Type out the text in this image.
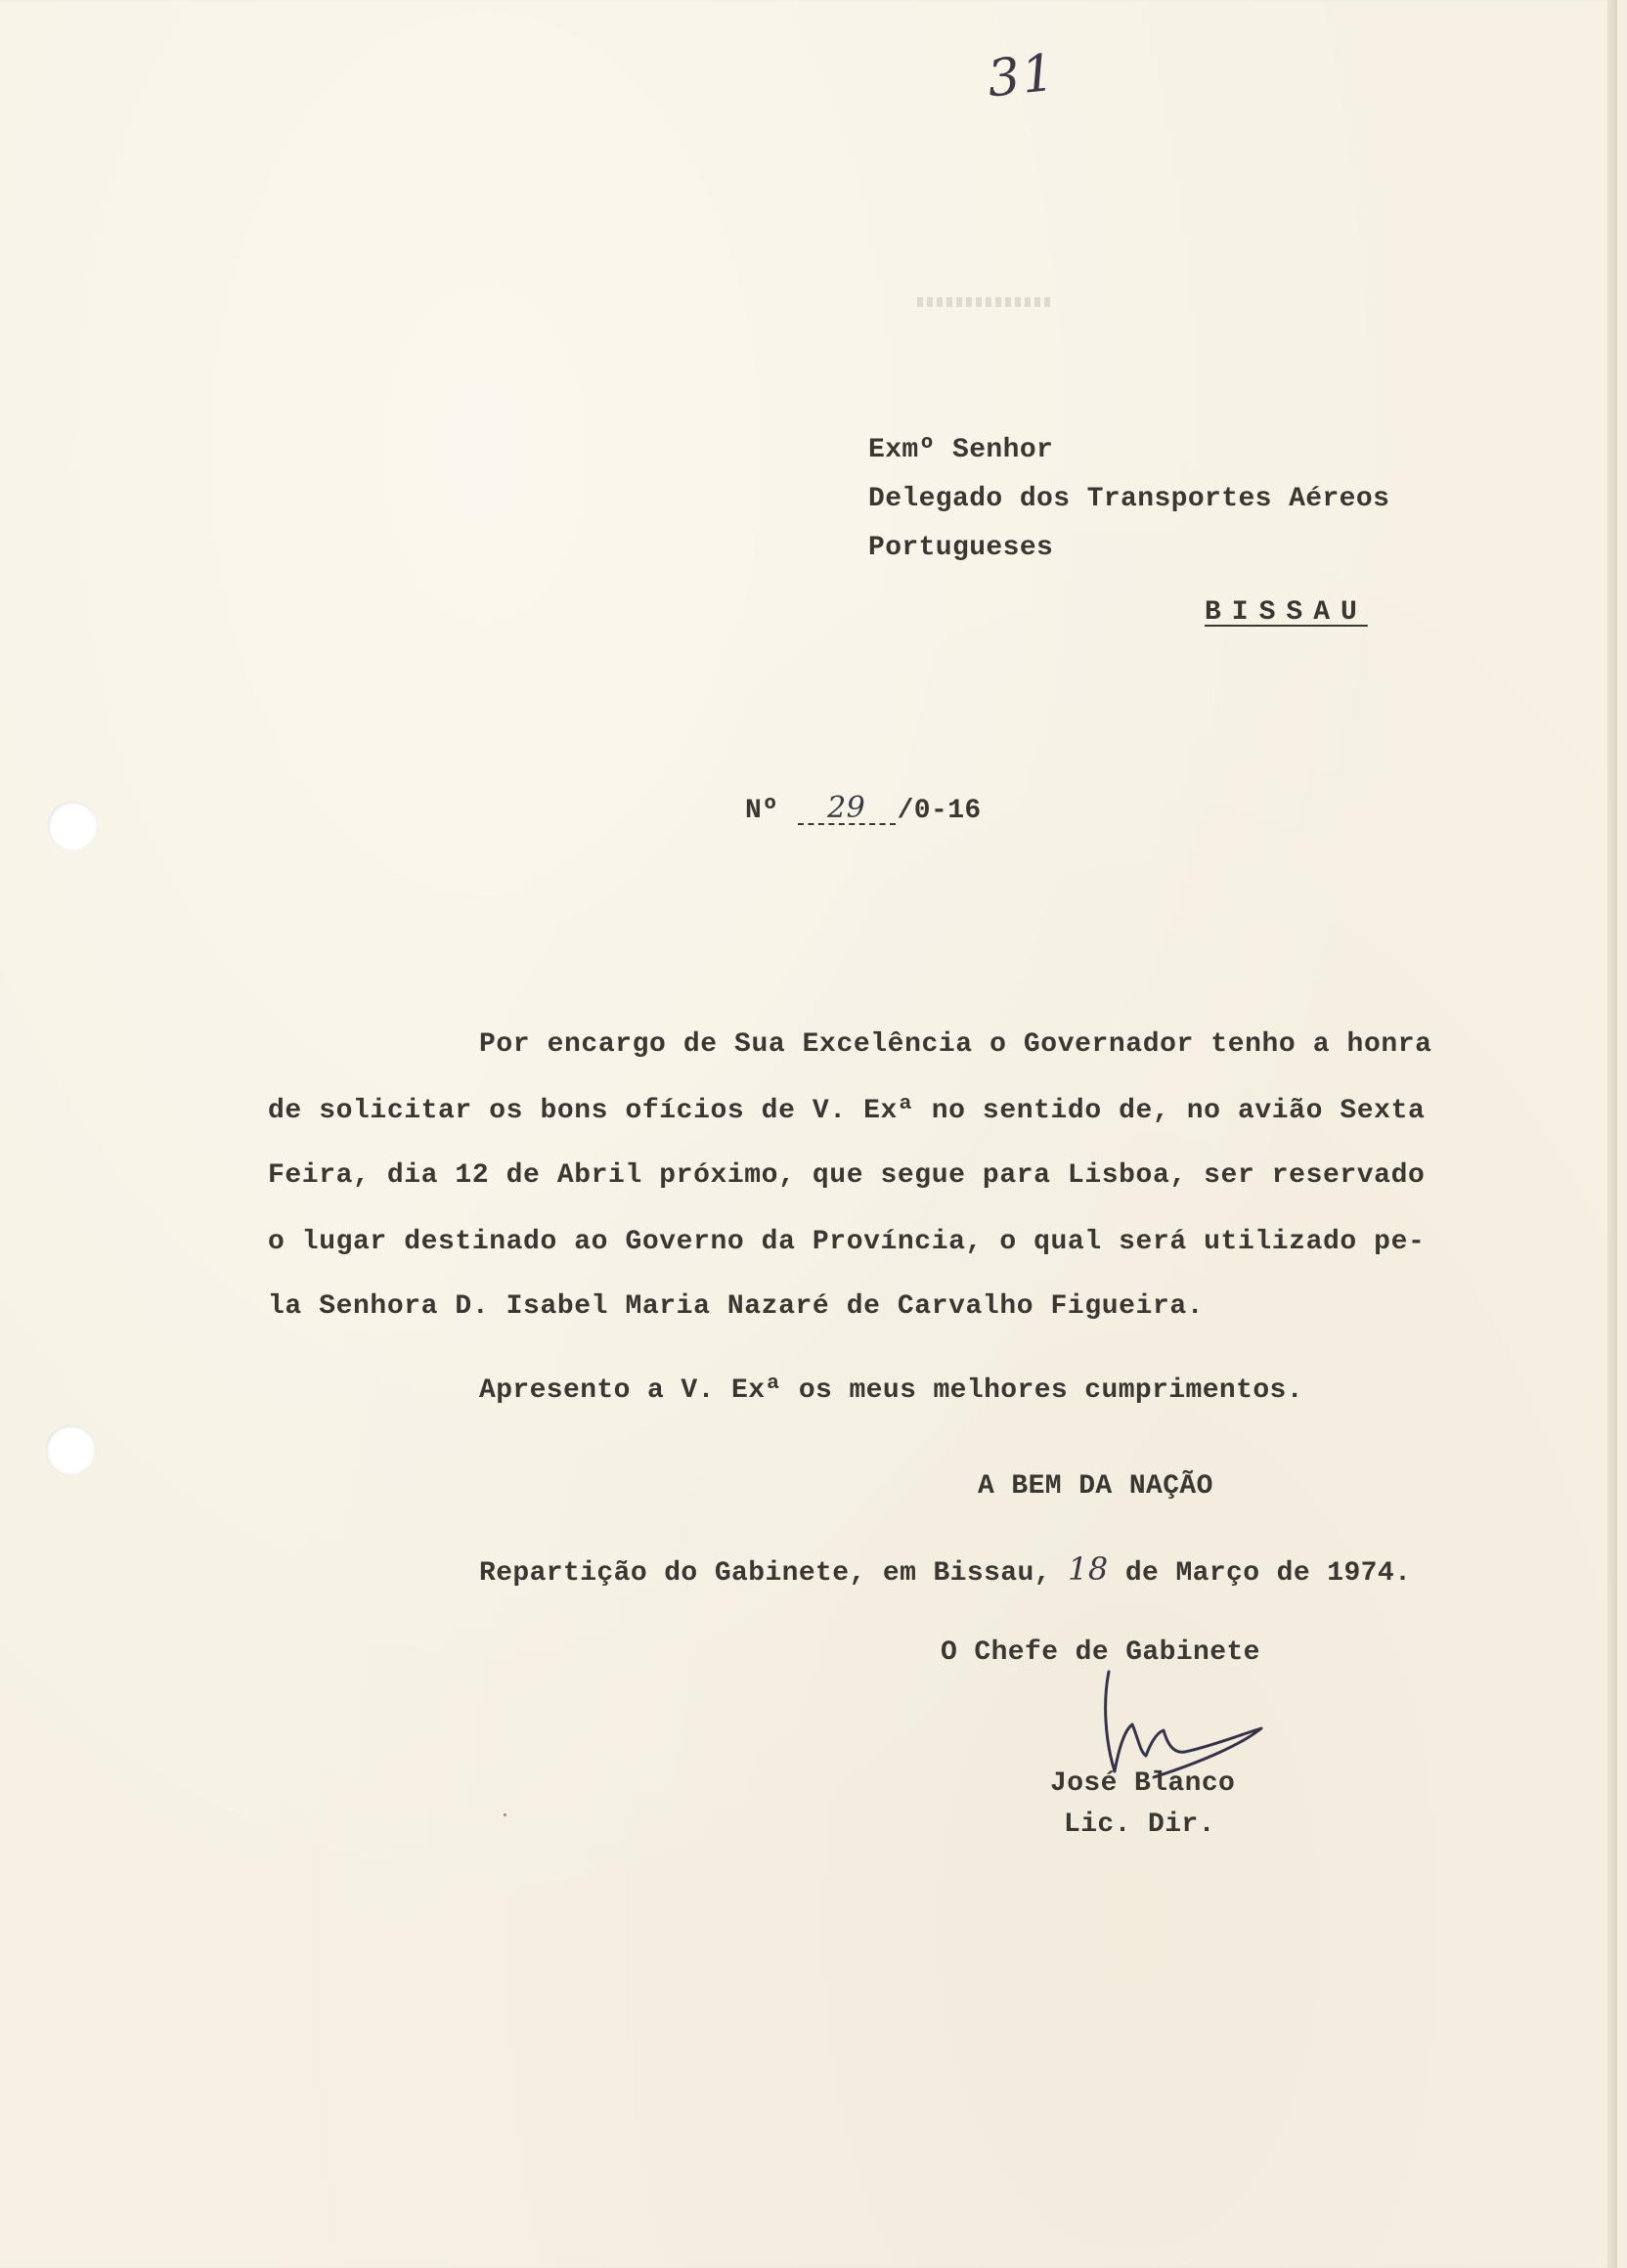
31
Exmº Senhor
Delegado dos Transportes Aéreos
Portugueses
BISSAU
Nº 29 /0-16
Por encargo de Sua Excelência o Governador tenho a honra
de solicitar os bons ofícios de V. Exª no sentido de, no avião Sexta
Feira, dia 12 de Abril próximo, que segue para Lisboa, ser reservado
o lugar destinado ao Governo da Província, o qual será utilizado pe-
la Senhora D. Isabel Maria Nazaré de Carvalho Figueira.
Apresento a V. Exª os meus melhores cumprimentos.
A BEM DA NAÇÃO
Repartição do Gabinete, em Bissau, 18 de Março de 1974.
O Chefe de Gabinete
José Blanco
Lic. Dir.
